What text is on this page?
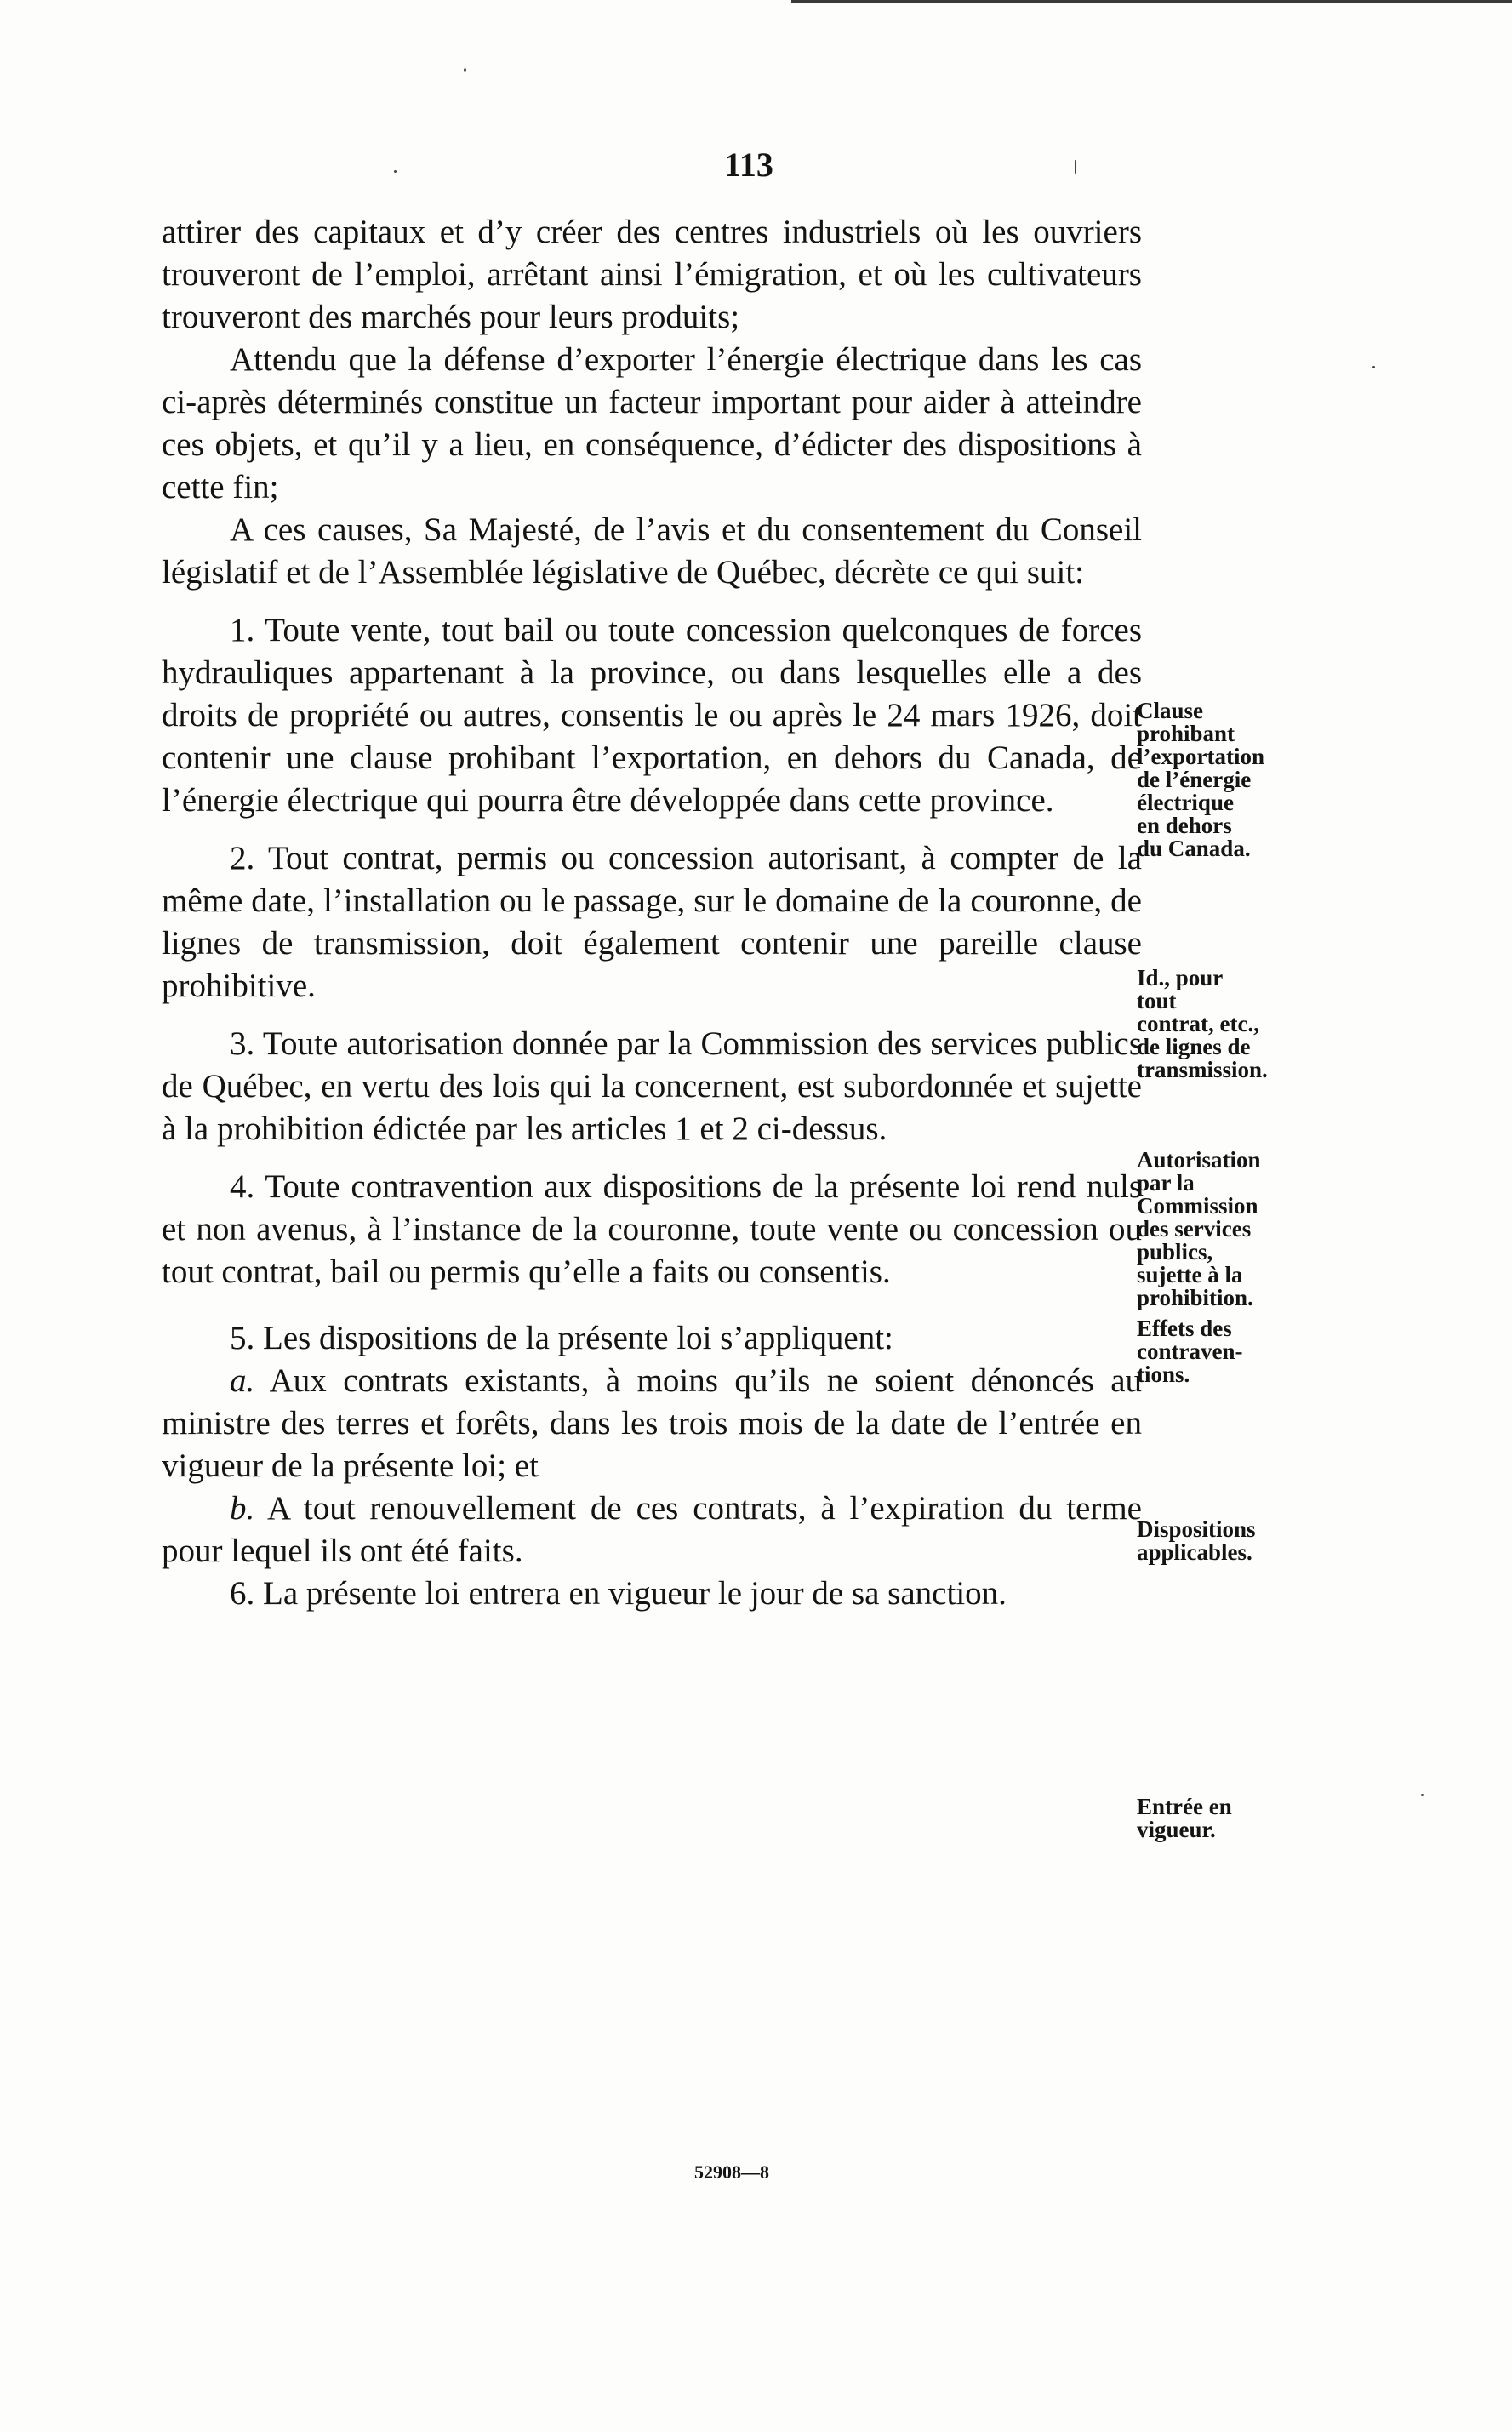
113

attirer des capitaux et d’y créer des centres industriels où les ouvriers trouveront de l’emploi, arrêtant ainsi l’émigration, et où les cultivateurs trouveront des marchés pour leurs produits;

Attendu que la défense d’exporter l’énergie électrique dans les cas ci-après déterminés constitue un facteur important pour aider à atteindre ces objets, et qu’il y a lieu, en conséquence, d’édicter des dispositions à cette fin;

A ces causes, Sa Majesté, de l’avis et du consentement du Conseil législatif et de l’Assemblée législative de Québec, décrète ce qui suit:

1. Toute vente, tout bail ou toute concession quelconques de forces hydrauliques appartenant à la province, ou dans lesquelles elle a des droits de propriété ou autres, consentis le ou après le 24 mars 1926, doit contenir une clause prohibant l’exportation, en dehors du Canada, de l’énergie électrique qui pourra être développée dans cette province.

2. Tout contrat, permis ou concession autorisant, à compter de la même date, l’installation ou le passage, sur le domaine de la couronne, de lignes de transmission, doit également contenir une pareille clause prohibitive.

3. Toute autorisation donnée par la Commission des services publics de Québec, en vertu des lois qui la concernent, est subordonnée et sujette à la prohibition édictée par les articles 1 et 2 ci-dessus.

4. Toute contravention aux dispositions de la présente loi rend nuls et non avenus, à l’instance de la couronne, toute vente ou concession ou tout contrat, bail ou permis qu’elle a faits ou consentis.

5. Les dispositions de la présente loi s’appliquent:

a. Aux contrats existants, à moins qu’ils ne soient dénoncés au ministre des terres et forêts, dans les trois mois de la date de l’entrée en vigueur de la présente loi; et

b. A tout renouvellement de ces contrats, à l’expiration du terme pour lequel ils ont été faits.

6. La présente loi entrera en vigueur le jour de sa sanction.

Clause
prohibant
l’exportation
de l’énergie
électrique
en dehors
du Canada.
Id., pour
tout
contrat, etc.,
de lignes de
transmission.
Autorisation
par la
Commission
des services
publics,
sujette à la
prohibition.
Effets des
contraven-
tions.
Dispositions
applicables.
Entrée en
vigueur.
52908—8
